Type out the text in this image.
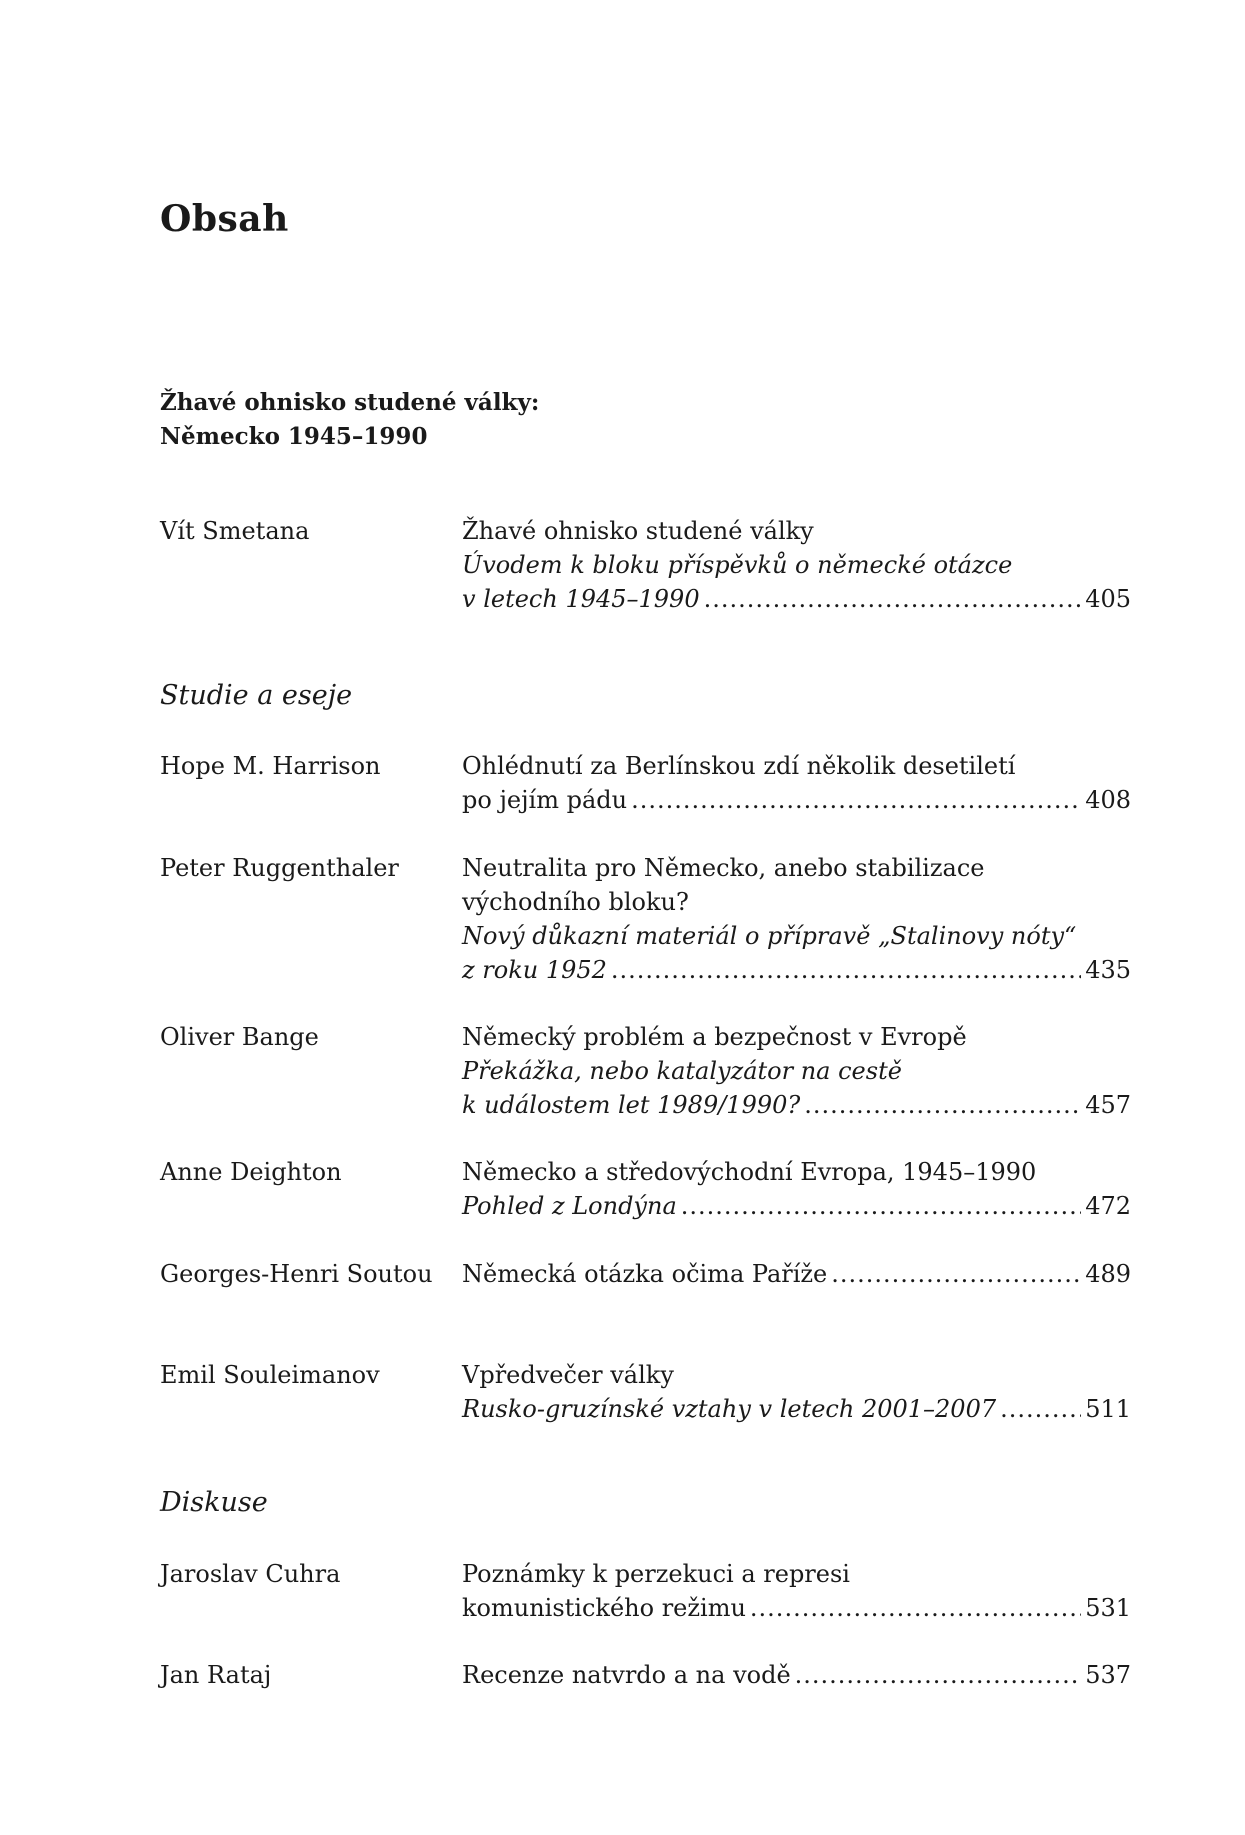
Obsah
Žhavé ohnisko studené války:
Německo 1945–1990
Vít Smetana	Žhavé ohnisko studené války
Úvodem k bloku příspěvků o německé otázce
v letech 1945–1990 .....	405
Studie a eseje
Hope M. Harrison	Ohlédnutí za Berlínskou zdí několik desetiletí
po jejím pádu .....	408
Peter Ruggenthaler	Neutralita pro Německo, anebo stabilizace
východního bloku?
Nový důkazní materiál o přípravě „Stalinovy nóty“
z roku 1952 .....	435
Oliver Bange	Německý problém a bezpečnost v Evropě
Překážka, nebo katalyzátor na cestě
k událostem let 1989/1990? .....	457
Anne Deighton	Německo a středovýchodní Evropa, 1945–1990
Pohled z Londýna .....	472
Georges-Henri Soutou Německá otázka očima Paříže .....	489
Emil Souleimanov	Vpředvečer války
Rusko-gruzínské vztahy v letech 2001–2007 .....	511
Diskuse
Jaroslav Cuhra	Poznámky k perzekuci a represi
komunistického režimu .....	531
Jan Rataj	Recenze natvrdo a na vodě .....	537
